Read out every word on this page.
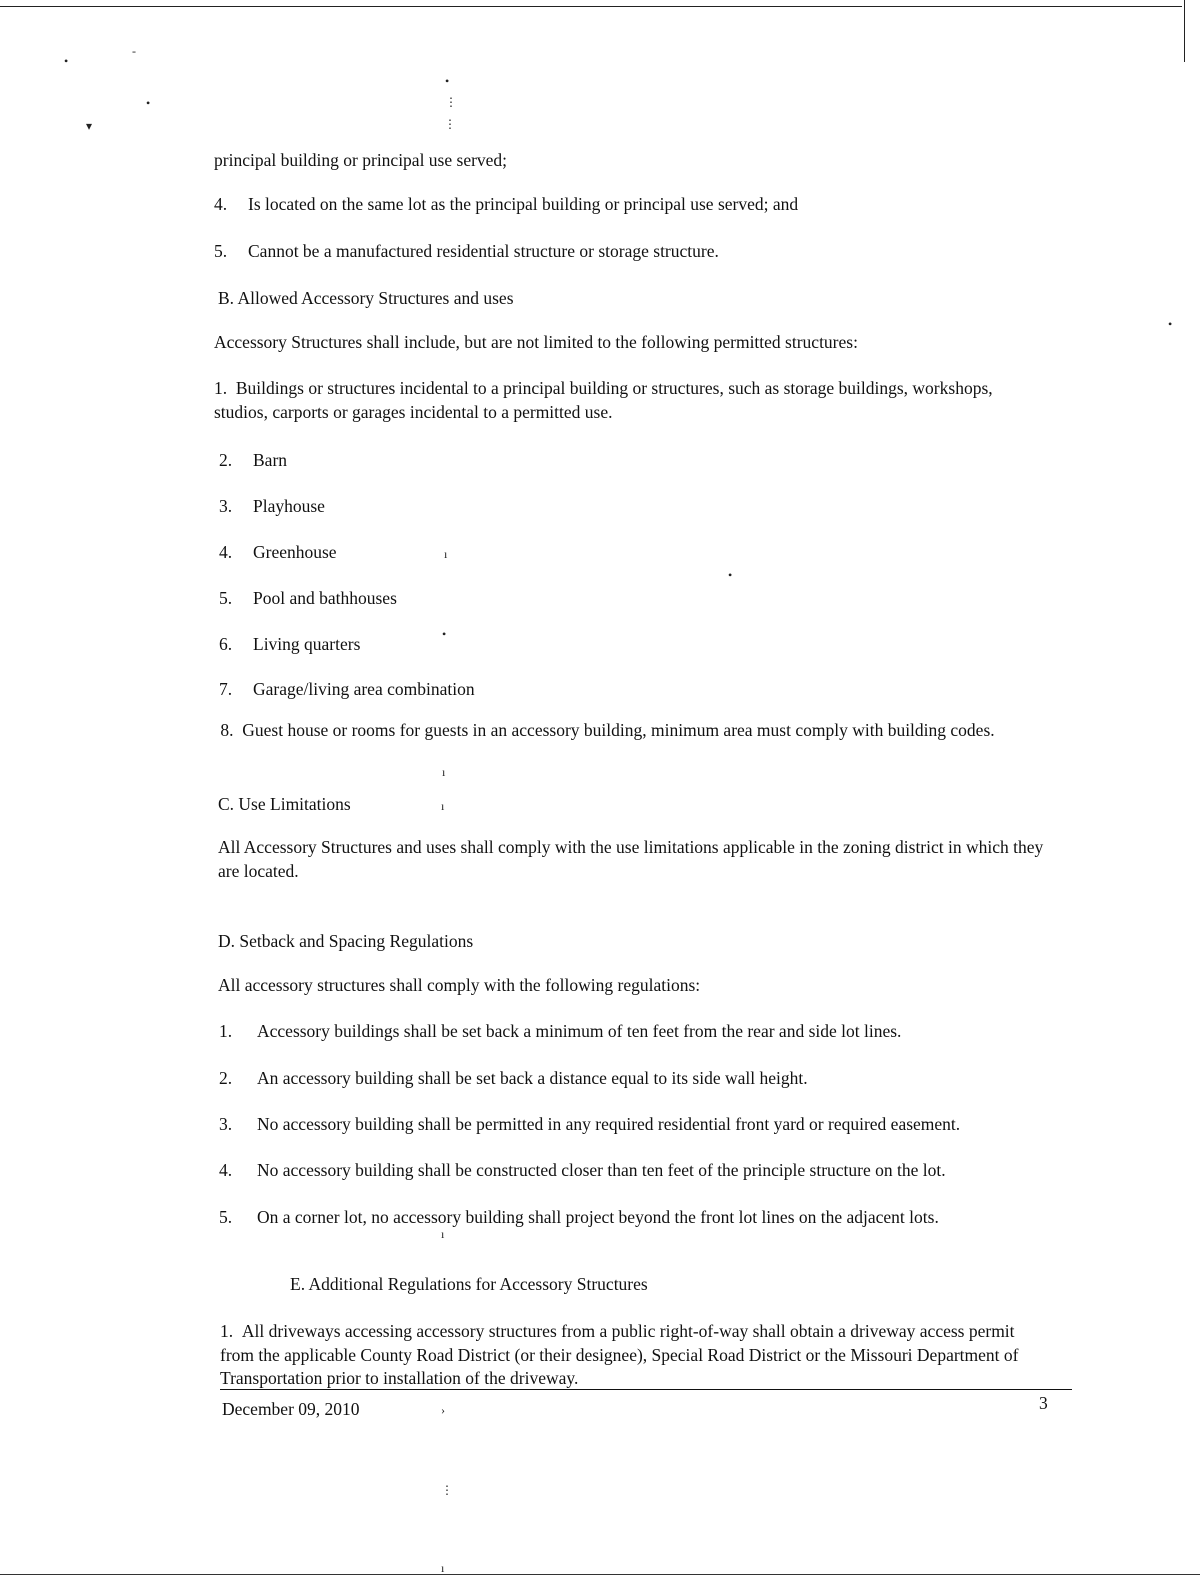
•
-
•
▾
•
⋮
⋮
•
•
ı
•
ı
ı
ı
›
⋮
ı
principal building or principal use served;
4. Is located on the same lot as the principal building or principal use served; and
5. Cannot be a manufactured residential structure or storage structure.
B. Allowed Accessory Structures and uses
Accessory Structures shall include, but are not limited to the following permitted structures:
1. Buildings or structures incidental to a principal building or structures, such as storage buildings, workshops, studios, carports or garages incidental to a permitted use.
2. Barn
3. Playhouse
4. Greenhouse
5. Pool and bathhouses
6. Living quarters
7. Garage/living area combination
8. Guest house or rooms for guests in an accessory building, minimum area must comply with building codes.
C. Use Limitations
All Accessory Structures and uses shall comply with the use limitations applicable in the zoning district in which they are located.
D. Setback and Spacing Regulations
All accessory structures shall comply with the following regulations:
1. Accessory buildings shall be set back a minimum of ten feet from the rear and side lot lines.
2. An accessory building shall be set back a distance equal to its side wall height.
3. No accessory building shall be permitted in any required residential front yard or required easement.
4. No accessory building shall be constructed closer than ten feet of the principle structure on the lot.
5. On a corner lot, no accessory building shall project beyond the front lot lines on the adjacent lots.
E. Additional Regulations for Accessory Structures
1. All driveways accessing accessory structures from a public right-of-way shall obtain a driveway access permit from the applicable County Road District (or their designee), Special Road District or the Missouri Department of Transportation prior to installation of the driveway.
December 09, 2010	3
